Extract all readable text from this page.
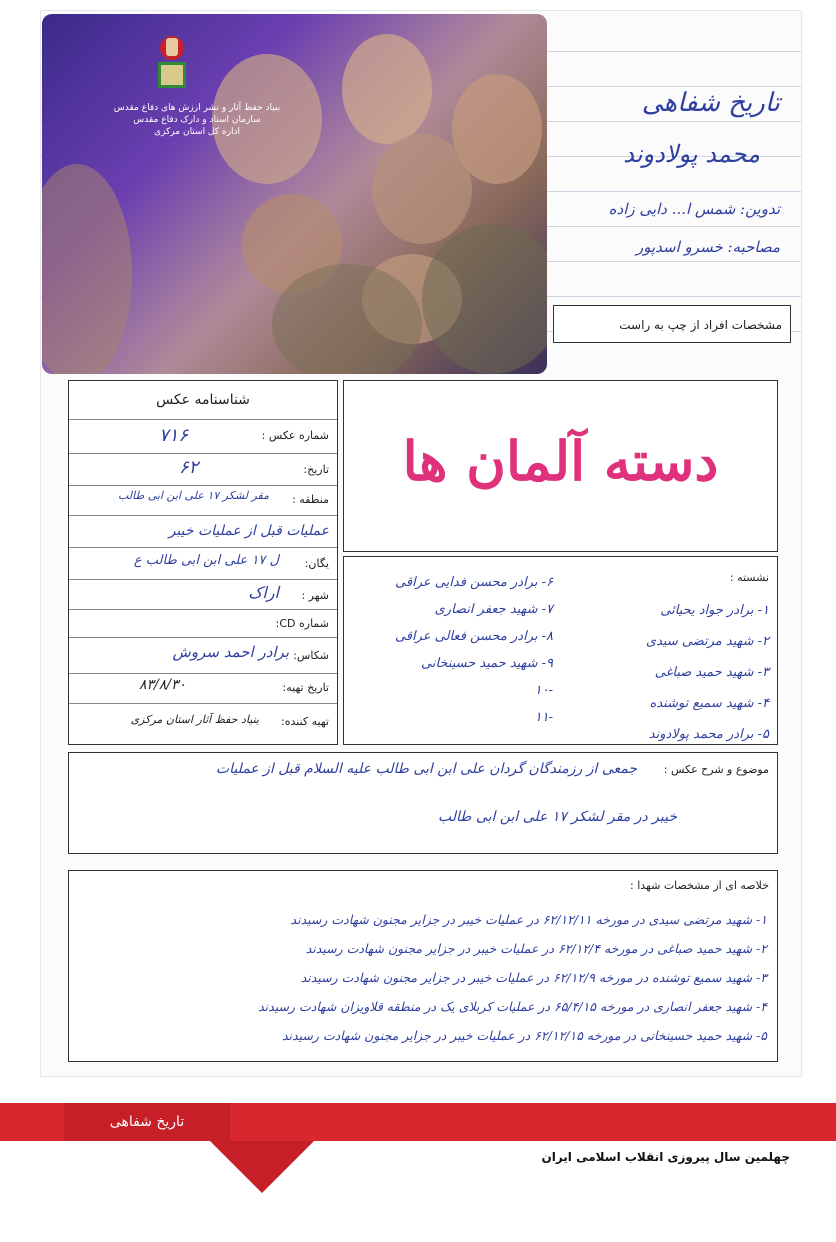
بنیاد حفظ آثار و نشر ارزش های دفاع مقدس
سازمان اسناد و دارک دفاع مقدس
اداره کل استان مرکزی
تاریخ شفاهی
محمد پولادوند
تدوین: شمس ا... دایی زاده
مصاحبه: خسرو اسدپور
مشخصات افراد از چپ به راست
شناسنامه عکس
شماره عکس :
۷۱۶
تاریخ:
۶۲
منطقه :
مقر لشکر ۱۷ علی ابن ابی طالب
عملیات قبل از عملیات خیبر
یگان:
ل ۱۷ علی ابن ابی طالب ع
شهر :
اراک
شماره CD:
شکاس:
برادر احمد سروش
تاریخ تهیه:
۸۳/۸/۳۰
تهیه کننده:
بنیاد حفظ آثار استان مرکزی
دسته آلمان ها
نشسته :
۱- برادر جواد یحیائی
۲- شهید مرتضی سیدی
۳- شهید حمید صباغی
۴- شهید سمیع توشنده
۵- برادر محمد پولادوند
۶- برادر محسن فدایی عراقی
۷- شهید جعفر انصاری
۸- برادر محسن فعالی عراقی
۹- شهید حمید حسینخانی
-۱۰
-۱۱
موضوع و شرح عکس :
جمعی از رزمندگان گردان علی ابن ابی طالب علیه السلام قبل از عملیات
خیبر در مقر لشکر ۱۷ علی ابن ابی طالب
خلاصه ای از مشخصات شهدا :
۱- شهید مرتضی سیدی در مورخه ۶۲/۱۲/۱۱ در عملیات خیبر در جزایر مجنون شهادت رسیدند
۲- شهید حمید صباغی در مورخه ۶۲/۱۲/۴ در عملیات خیبر در جزایر مجنون شهادت رسیدند
۳- شهید سمیع توشنده در مورخه ۶۲/۱۲/۹ در عملیات خیبر در جزایر مجنون شهادت رسیدند
۴- شهید جعفر انصاری در مورخه ۶۵/۴/۱۵ در عملیات کربلای یک در منطقه قلاویزان شهادت رسیدند
۵- شهید حمید حسینخانی در مورخه ۶۲/۱۲/۱۵ در عملیات خیبر در جزایر مجنون شهادت رسیدند
تاریخ شفاهی
چهلمین سال پیروزی انقلاب اسلامی ایران
